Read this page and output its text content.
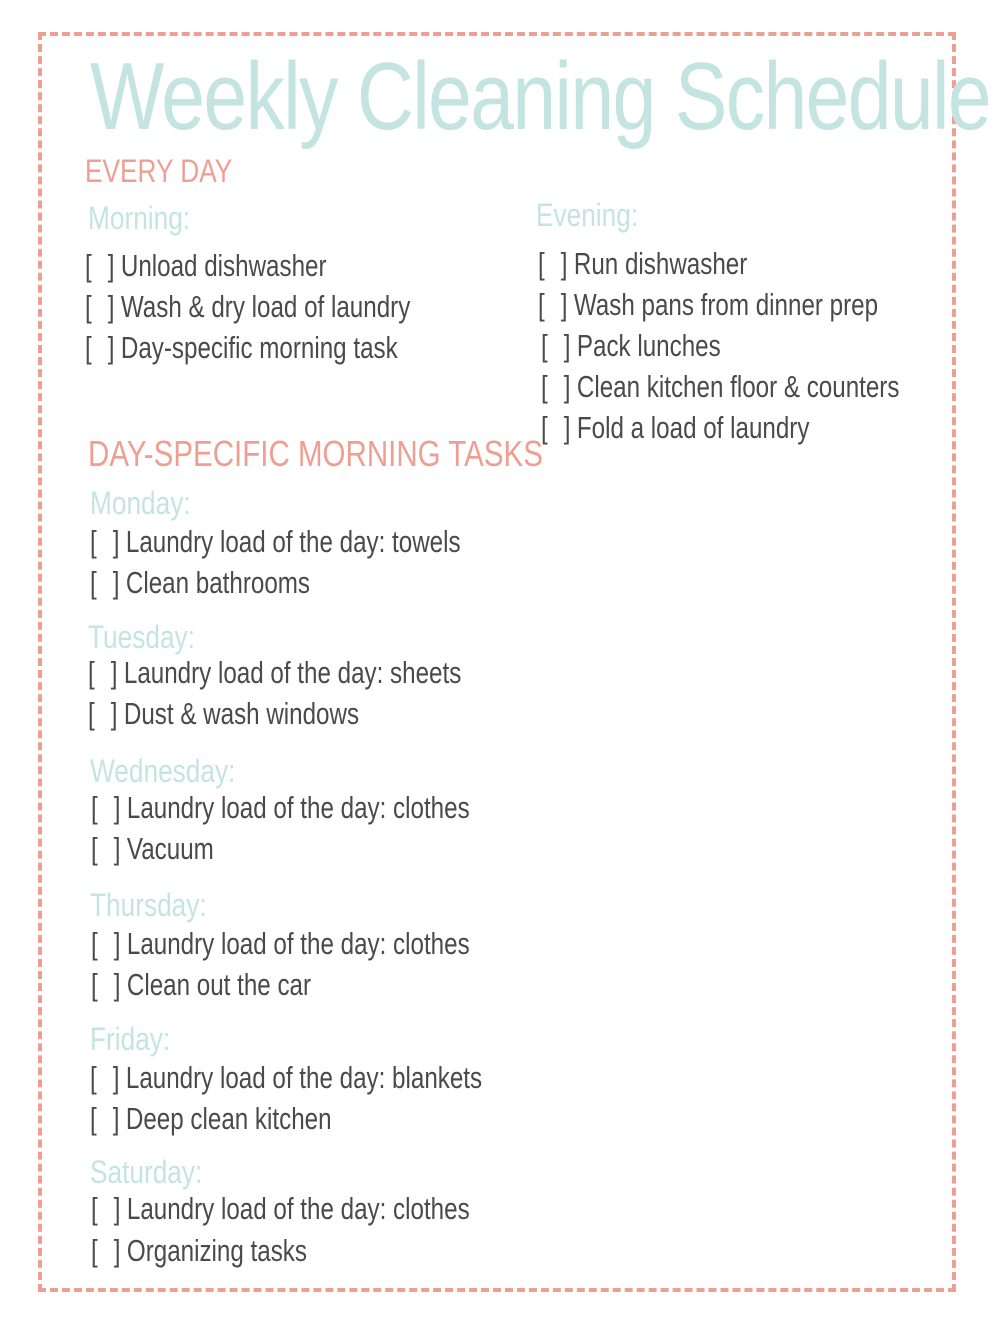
Weekly Cleaning Schedule
EVERY DAY
Morning:
[ ] Unload dishwasher
[ ] Wash & dry load of laundry
[ ] Day-specific morning task
Evening:
[ ] Run dishwasher
[ ] Wash pans from dinner prep
[ ] Pack lunches
[ ] Clean kitchen floor & counters
[ ] Fold a load of laundry
DAY-SPECIFIC MORNING TASKS
Monday:
[ ] Laundry load of the day: towels
[ ] Clean bathrooms
Tuesday:
[ ] Laundry load of the day: sheets
[ ] Dust & wash windows
Wednesday:
[ ] Laundry load of the day: clothes
[ ] Vacuum
Thursday:
[ ] Laundry load of the day: clothes
[ ] Clean out the car
Friday:
[ ] Laundry load of the day: blankets
[ ] Deep clean kitchen
Saturday:
[ ] Laundry load of the day: clothes
[ ] Organizing tasks
